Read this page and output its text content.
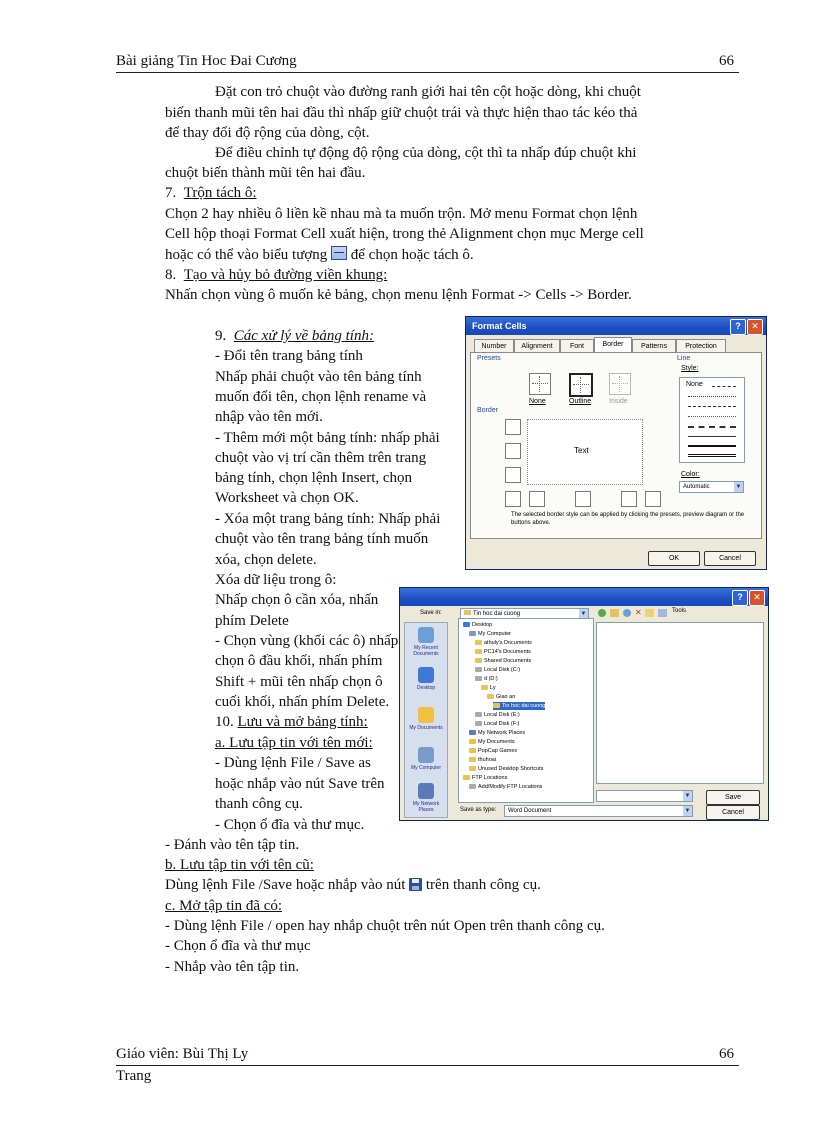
Bài giảng Tin Hoc Đai Cương	66
Đặt con trỏ chuột vào đường ranh giới hai tên cột hoặc dòng, khi chuột
biến thanh mũi tên hai đầu thì nhấp giữ chuột trái và thực hiện thao tác kéo thả
để thay đổi độ rộng của dòng, cột.
Để điều chỉnh tự động độ rộng của dòng, cột thì ta nhấp đúp chuột khi
chuột biến thành mũi tên hai đầu.
7. Trộn tách ô:
Chọn 2 hay nhiều ô liền kề nhau mà ta muốn trộn. Mở menu Format chọn lệnh
Cell hộp thoại Format Cell xuất hiện, trong thẻ Alignment chọn mục Merge cell
hoặc có thể vào biểu tượng để chọn hoặc tách ô.
8. Tạo và hủy bỏ đường viền khung:
Nhấn chọn vùng ô muốn kẻ bảng, chọn menu lệnh Format -> Cells -> Border.
9. Các xử lý về bảng tính:
- Đổi tên trang bảng tính
Nhấp phải chuột vào tên bảng tính
muốn đổi tên, chọn lệnh rename và
nhập vào tên mới.
- Thêm mới một bảng tính: nhấp phải
chuột vào vị trí cần thêm trên trang
bảng tính, chọn lệnh Insert, chọn
Worksheet và chọn OK.
- Xóa một trang bảng tính: Nhấp phải
chuột vào tên trang bảng tính muốn
xóa, chọn delete.
Xóa dữ liệu trong ô:
Nhấp chọn ô cần xóa, nhấn
phím Delete
- Chọn vùng (khối các ô) nhấp
chọn ô đầu khối, nhấn phím
Shift + mũi tên nhấp chọn ô
cuối khối, nhấn phím Delete.
10. Lưu và mở bảng tính:
a. Lưu tập tin với tên mới:
- Dùng lệnh File / Save as
hoặc nhắp vào nút Save trên
thanh công cụ.
- Chọn ổ đĩa và thư mục.
- Đánh vào tên tập tin.
b. Lưu tập tin với tên cũ:
Dùng lệnh File /Save hoặc nhắp vào nút trên thanh công cụ.
c. Mở tập tin đã có:
- Dùng lệnh File / open hay nhắp chuột trên nút Open trên thanh công cụ.
- Chọn ổ đĩa và thư mục
- Nhắp vào tên tập tin.
Format Cells	?	✕
Number	Alignment	Font	Border	Patterns	Protection
Presets
None	Outline	Inside
Border
Text
Line
Style:
None
Color:
Automatic	▼
The selected border style can be applied by clicking the presets, preview diagram or the buttons above.
OK	Cancel
?	✕
Save in:	Tin hoc dai cuong	▼	✕	Tools
My Recent Documents
Desktop
My Documents
My Computer
My Network Places
Desktop
My Computer
athuly's Documents
PC14's Documents
Shared Documents
Local Disk (C:)
d (D:)
Ly
Giao an
Tin hoc dai cuong
Local Disk (E:)
Local Disk (F:)
My Network Places
My Documents
PopCap Games
thuhoai
Unused Desktop Shortcuts
FTP Locations
Add/Modify FTP Locations
▼
Save as type:	Word Document	▼
Save
Cancel
Giáo viên: Bùi Thị Ly	66
Trang
